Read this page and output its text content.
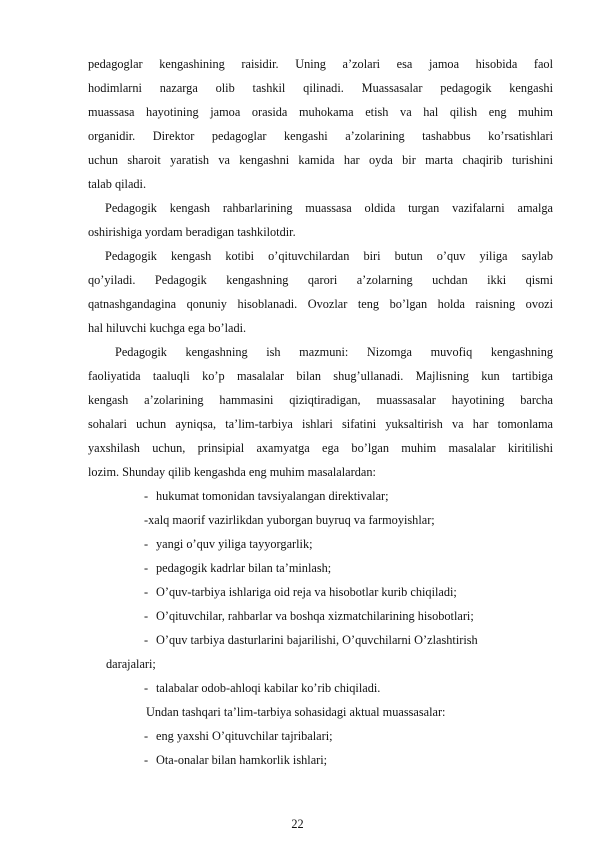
pedagoglar kengashining raisidir. Uning a’zolari esa jamoa hisobida faol
hodimlarni nazarga olib tashkil qilinadi. Muassasalar pedagogik kengashi
muassasa hayotining jamoa orasida muhokama etish va hal qilish eng muhim
organidir. Direktor pedagoglar kengashi a’zolarining tashabbus ko’rsatishlari
uchun sharoit yaratish va kengashni kamida har oyda bir marta chaqirib turishini
talab qiladi.
Pedagogik kengash rahbarlarining muassasa oldida turgan vazifalarni amalga
oshirishiga yordam beradigan tashkilotdir.
Pedagogik kengash kotibi o’qituvchilardan biri butun o’quv yiliga saylab
qo’yiladi. Pedagogik kengashning qarori a’zolarning uchdan ikki qismi
qatnashgandagina qonuniy hisoblanadi. Ovozlar teng bo’lgan holda raisning ovozi
hal hiluvchi kuchga ega bo’ladi.
Pedagogik kengashning ish mazmuni: Nizomga muvofiq kengashning
faoliyatida taaluqli ko’p masalalar bilan shug’ullanadi. Majlisning kun tartibiga
kengash a’zolarining hammasini qiziqtiradigan, muassasalar hayotining barcha
sohalari uchun ayniqsa, ta’lim-tarbiya ishlari sifatini yuksaltirish va har tomonlama
yaxshilash uchun, prinsipial axamyatga ega bo’lgan muhim masalalar kiritilishi
lozim. Shunday qilib kengashda eng muhim masalalardan:
- hukumat tomonidan tavsiyalangan direktivalar;
-xalq maorif vazirlikdan yuborgan buyruq va farmoyishlar;
- yangi o’quv yiliga tayyorgarlik;
- pedagogik kadrlar bilan ta’minlash;
- O’quv-tarbiya ishlariga oid reja va hisobotlar kurib chiqiladi;
- O’qituvchilar, rahbarlar va boshqa xizmatchilarining hisobotlari;
- O’quv tarbiya dasturlarini bajarilishi, O’quvchilarni O’zlashtirish
darajalari;
- talabalar odob-ahloqi kabilar ko’rib chiqiladi.
Undan tashqari ta’lim-tarbiya sohasidagi aktual muassasalar:
- eng yaxshi O’qituvchilar tajribalari;
- Ota-onalar bilan hamkorlik ishlari;
22
